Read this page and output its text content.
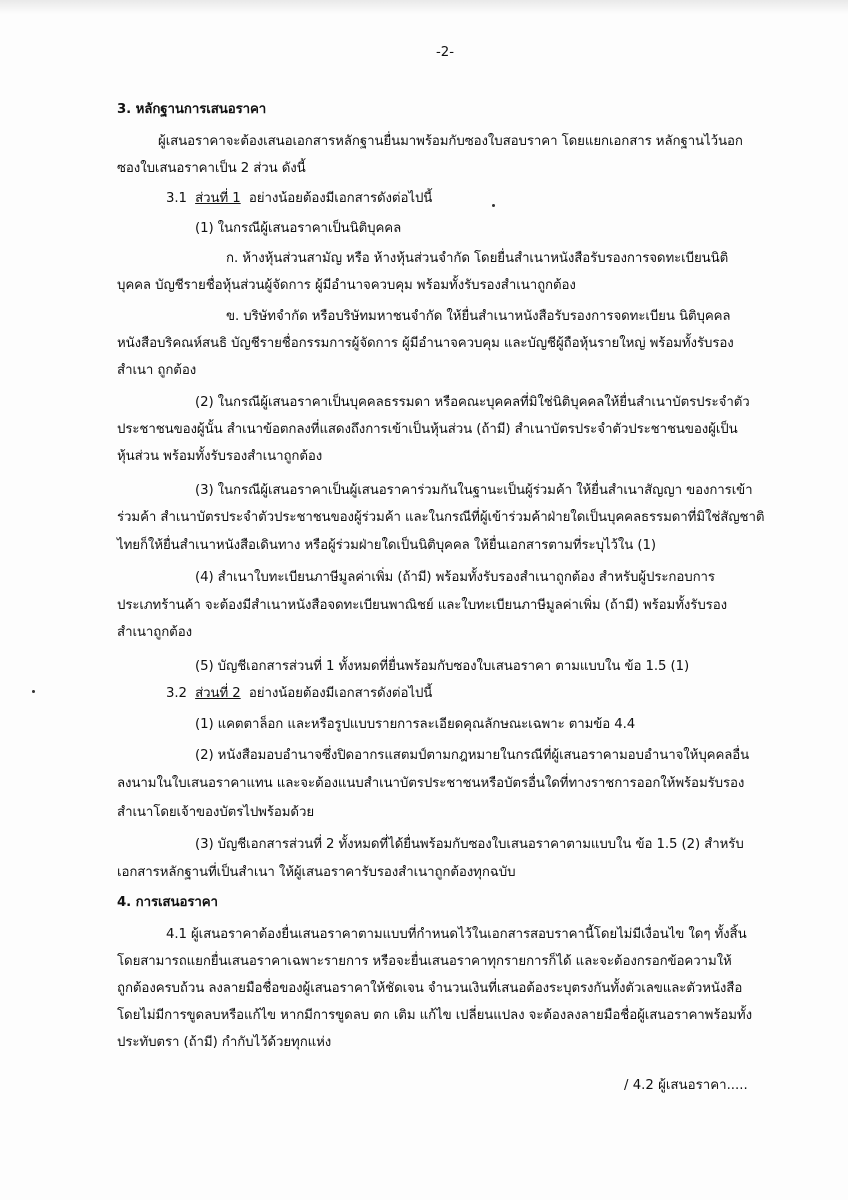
-2-
3. หลักฐานการเสนอราคา
ผู้เสนอราคาจะต้องเสนอเอกสารหลักฐานยื่นมาพร้อมกับซองใบสอบราคา โดยแยกเอกสาร หลักฐานไว้นอก
ซองใบเสนอราคาเป็น 2 ส่วน ดังนี้
3.1 ส่วนที่ 1 อย่างน้อยต้องมีเอกสารดังต่อไปนี้
(1) ในกรณีผู้เสนอราคาเป็นนิติบุคคล
ก. ห้างหุ้นส่วนสามัญ หรือ ห้างหุ้นส่วนจำกัด โดยยื่นสำเนาหนังสือรับรองการจดทะเบียนนิติ
บุคคล บัญชีรายชื่อหุ้นส่วนผู้จัดการ ผู้มีอำนาจควบคุม พร้อมทั้งรับรองสำเนาถูกต้อง
ข. บริษัทจำกัด หรือบริษัทมหาชนจำกัด ให้ยื่นสำเนาหนังสือรับรองการจดทะเบียน นิติบุคคล
หนังสือบริคณห์สนธิ บัญชีรายชื่อกรรมการผู้จัดการ ผู้มีอำนาจควบคุม และบัญชีผู้ถือหุ้นรายใหญ่ พร้อมทั้งรับรอง
สำเนา ถูกต้อง
(2) ในกรณีผู้เสนอราคาเป็นบุคคลธรรมดา หรือคณะบุคคลที่มิใช่นิติบุคคลให้ยื่นสำเนาบัตรประจำตัว
ประชาชนของผู้นั้น สำเนาข้อตกลงที่แสดงถึงการเข้าเป็นหุ้นส่วน (ถ้ามี) สำเนาบัตรประจำตัวประชาชนของผู้เป็น
หุ้นส่วน พร้อมทั้งรับรองสำเนาถูกต้อง
(3) ในกรณีผู้เสนอราคาเป็นผู้เสนอราคาร่วมกันในฐานะเป็นผู้ร่วมค้า ให้ยื่นสำเนาสัญญา ของการเข้า
ร่วมค้า สำเนาบัตรประจำตัวประชาชนของผู้ร่วมค้า และในกรณีที่ผู้เข้าร่วมค้าฝ่ายใดเป็นบุคคลธรรมดาที่มิใช่สัญชาติ
ไทยก็ให้ยื่นสำเนาหนังสือเดินทาง หรือผู้ร่วมฝ่ายใดเป็นนิติบุคคล ให้ยื่นเอกสารตามที่ระบุไว้ใน (1)
(4) สำเนาใบทะเบียนภาษีมูลค่าเพิ่ม (ถ้ามี) พร้อมทั้งรับรองสำเนาถูกต้อง สำหรับผู้ประกอบการ
ประเภทร้านค้า จะต้องมีสำเนาหนังสือจดทะเบียนพาณิชย์ และใบทะเบียนภาษีมูลค่าเพิ่ม (ถ้ามี) พร้อมทั้งรับรอง
สำเนาถูกต้อง
(5) บัญชีเอกสารส่วนที่ 1 ทั้งหมดที่ยื่นพร้อมกับซองใบเสนอราคา ตามแบบใน ข้อ 1.5 (1)
3.2 ส่วนที่ 2 อย่างน้อยต้องมีเอกสารดังต่อไปนี้
(1) แคตตาล็อก และหรือรูปแบบรายการละเอียดคุณลักษณะเฉพาะ ตามข้อ 4.4
(2) หนังสือมอบอำนาจซึ่งปิดอากรแสตมป์ตามกฎหมายในกรณีที่ผู้เสนอราคามอบอำนาจให้บุคคลอื่น
ลงนามในใบเสนอราคาแทน และจะต้องแนบสำเนาบัตรประชาชนหรือบัตรอื่นใดที่ทางราชการออกให้พร้อมรับรอง
สำเนาโดยเจ้าของบัตรไปพร้อมด้วย
(3) บัญชีเอกสารส่วนที่ 2 ทั้งหมดที่ได้ยื่นพร้อมกับซองใบเสนอราคาตามแบบใน ข้อ 1.5 (2) สำหรับ
เอกสารหลักฐานที่เป็นสำเนา ให้ผู้เสนอราคารับรองสำเนาถูกต้องทุกฉบับ
4. การเสนอราคา
4.1 ผู้เสนอราคาต้องยื่นเสนอราคาตามแบบที่กำหนดไว้ในเอกสารสอบราคานี้โดยไม่มีเงื่อนไข ใดๆ ทั้งสิ้น
โดยสามารถแยกยื่นเสนอราคาเฉพาะรายการ หรือจะยื่นเสนอราคาทุกรายการก็ได้ และจะต้องกรอกข้อความให้
ถูกต้องครบถ้วน ลงลายมือชื่อของผู้เสนอราคาให้ชัดเจน จำนวนเงินที่เสนอต้องระบุตรงกันทั้งตัวเลขและตัวหนังสือ
โดยไม่มีการขูดลบหรือแก้ไข หากมีการขูดลบ ตก เติม แก้ไข เปลี่ยนแปลง จะต้องลงลายมือชื่อผู้เสนอราคาพร้อมทั้ง
ประทับตรา (ถ้ามี) กำกับไว้ด้วยทุกแห่ง
/ 4.2 ผู้เสนอราคา.....
